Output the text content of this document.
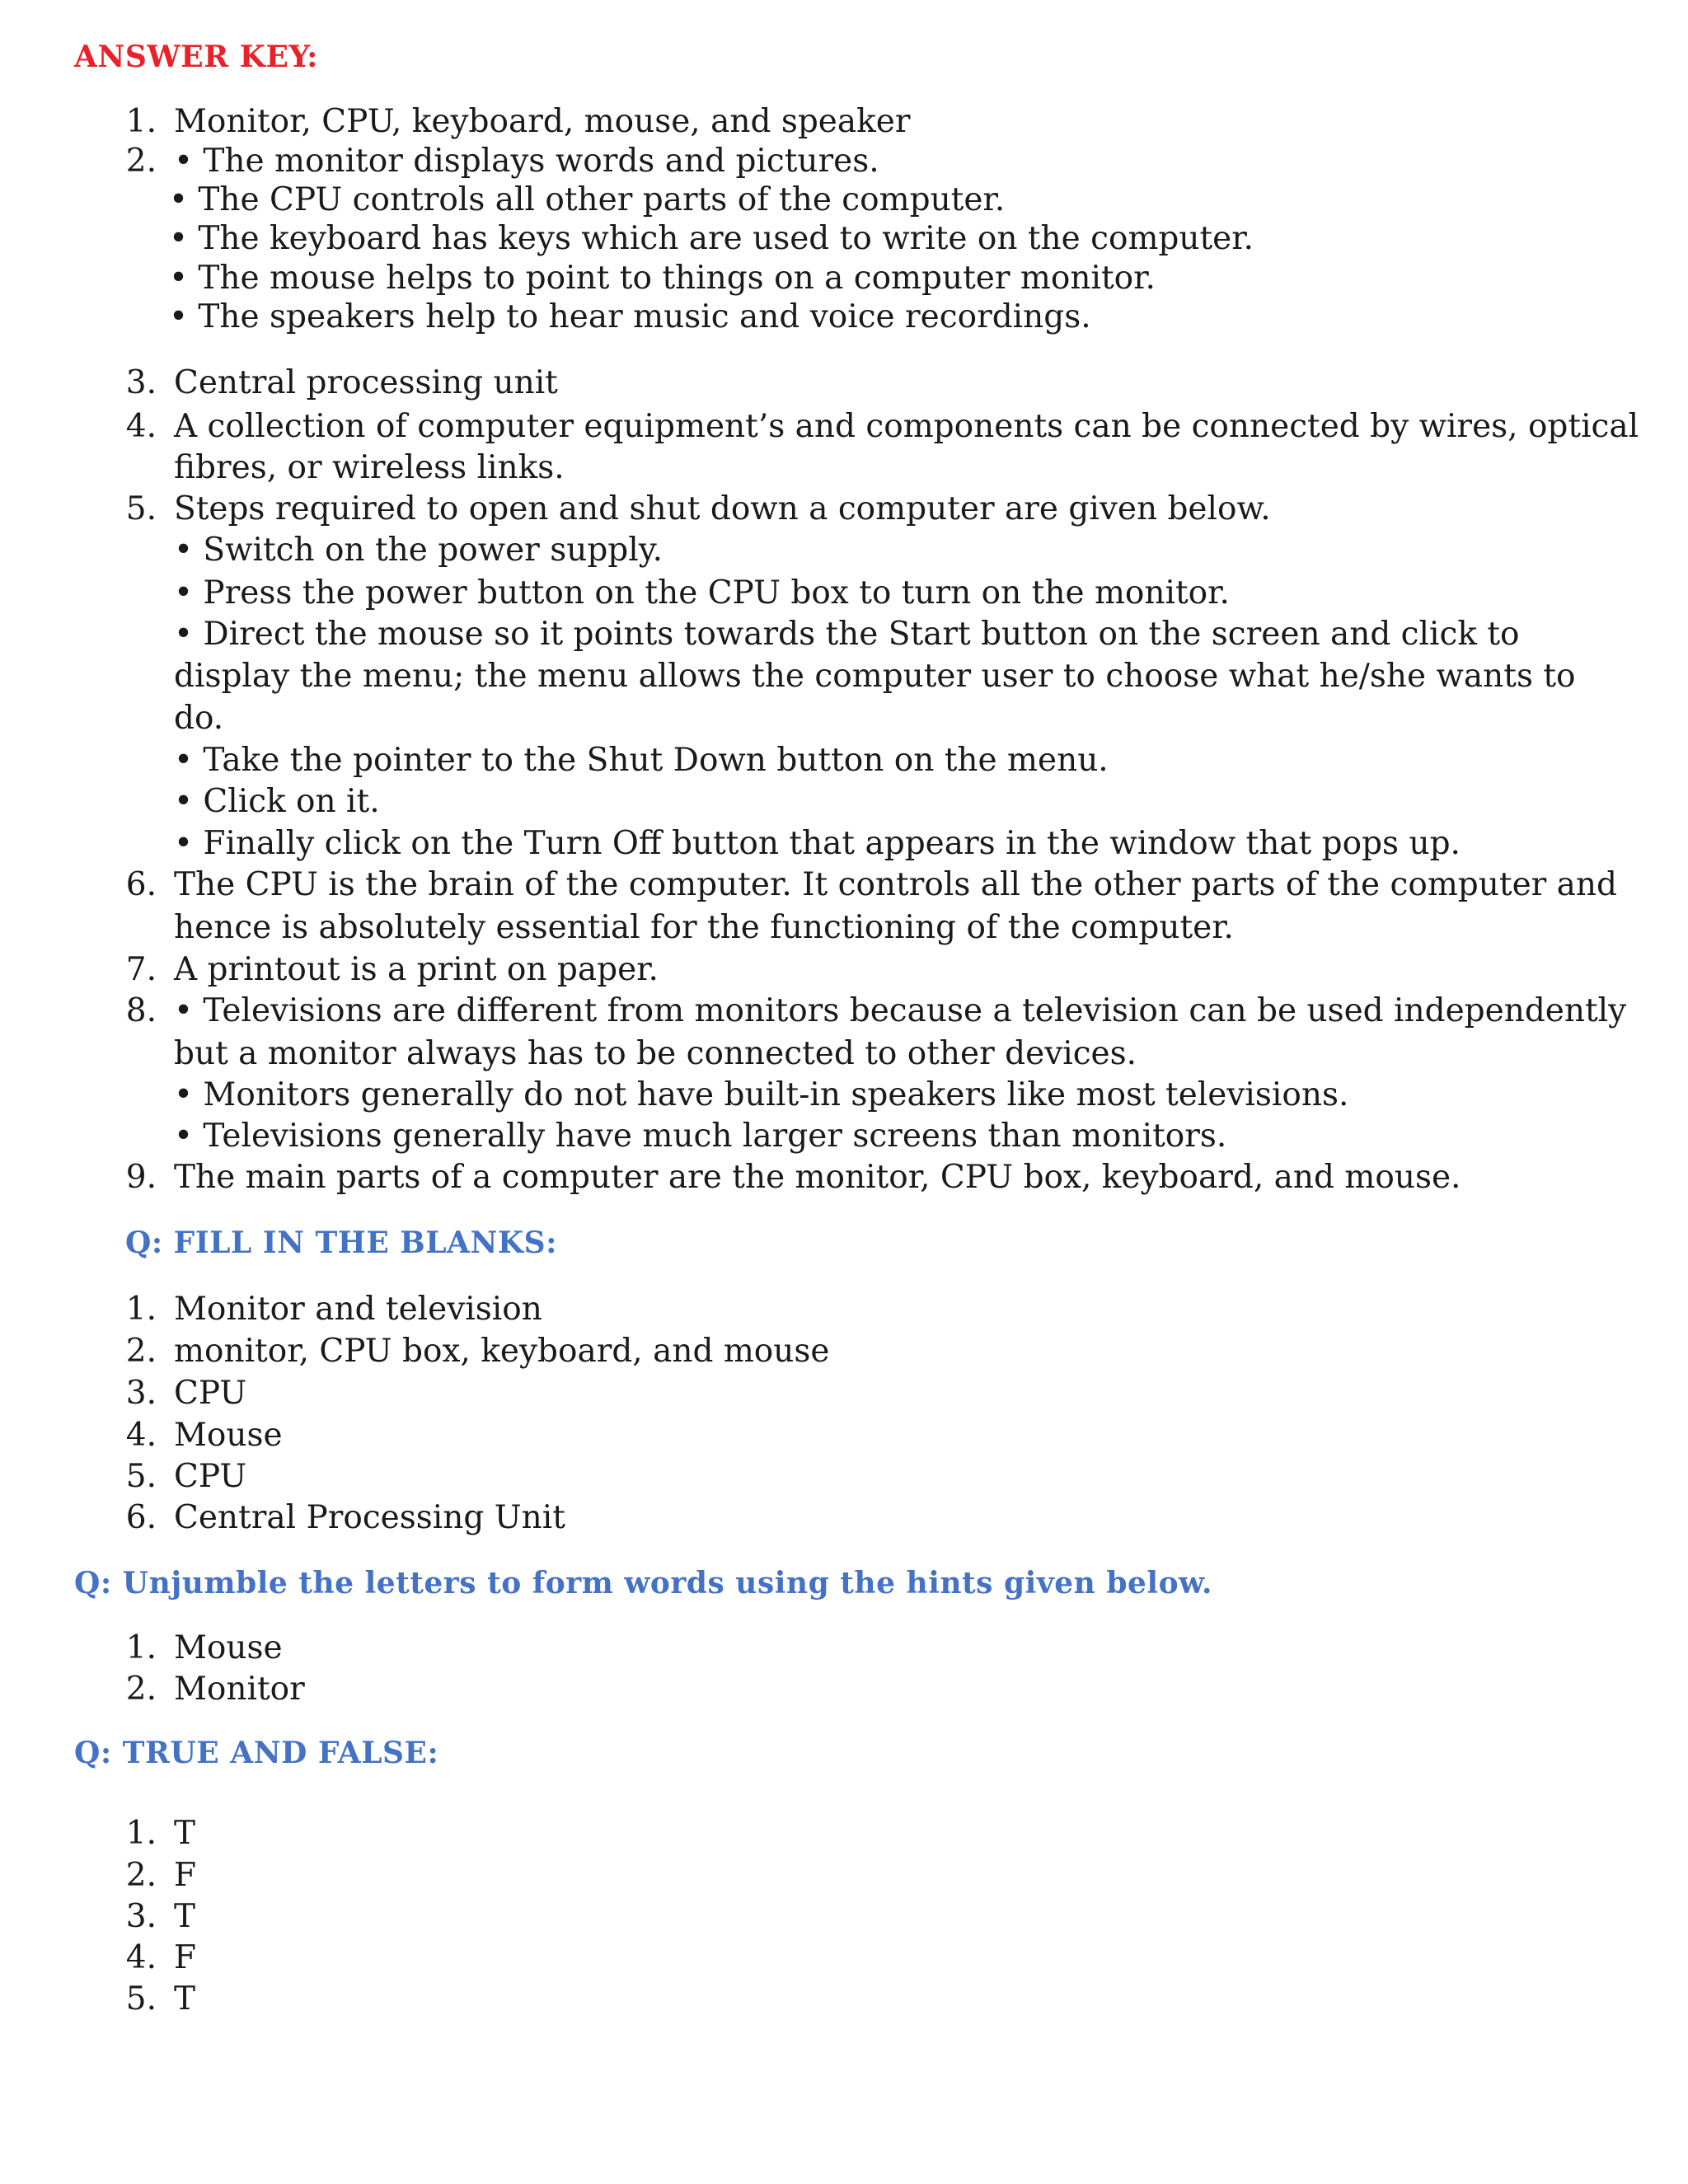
ANSWER KEY:
1. Monitor, CPU, keyboard, mouse, and speaker
2. • The monitor displays words and pictures.
• The CPU controls all other parts of the computer.
• The keyboard has keys which are used to write on the computer.
• The mouse helps to point to things on a computer monitor.
• The speakers help to hear music and voice recordings.
3. Central processing unit
4. A collection of computer equipment’s and components can be connected by wires, optical
fibres, or wireless links.
5. Steps required to open and shut down a computer are given below.
• Switch on the power supply.
• Press the power button on the CPU box to turn on the monitor.
• Direct the mouse so it points towards the Start button on the screen and click to
display the menu; the menu allows the computer user to choose what he/she wants to
do.
• Take the pointer to the Shut Down button on the menu.
• Click on it.
• Finally click on the Turn Off button that appears in the window that pops up.
6. The CPU is the brain of the computer. It controls all the other parts of the computer and
hence is absolutely essential for the functioning of the computer.
7. A printout is a print on paper.
8. • Televisions are different from monitors because a television can be used independently
but a monitor always has to be connected to other devices.
• Monitors generally do not have built-in speakers like most televisions.
• Televisions generally have much larger screens than monitors.
9. The main parts of a computer are the monitor, CPU box, keyboard, and mouse.
Q: FILL IN THE BLANKS:
1. Monitor and television
2. monitor, CPU box, keyboard, and mouse
3. CPU
4. Mouse
5. CPU
6. Central Processing Unit
Q: Unjumble the letters to form words using the hints given below.
1. Mouse
2. Monitor
Q: TRUE AND FALSE:
1. T
2. F
3. T
4. F
5. T
